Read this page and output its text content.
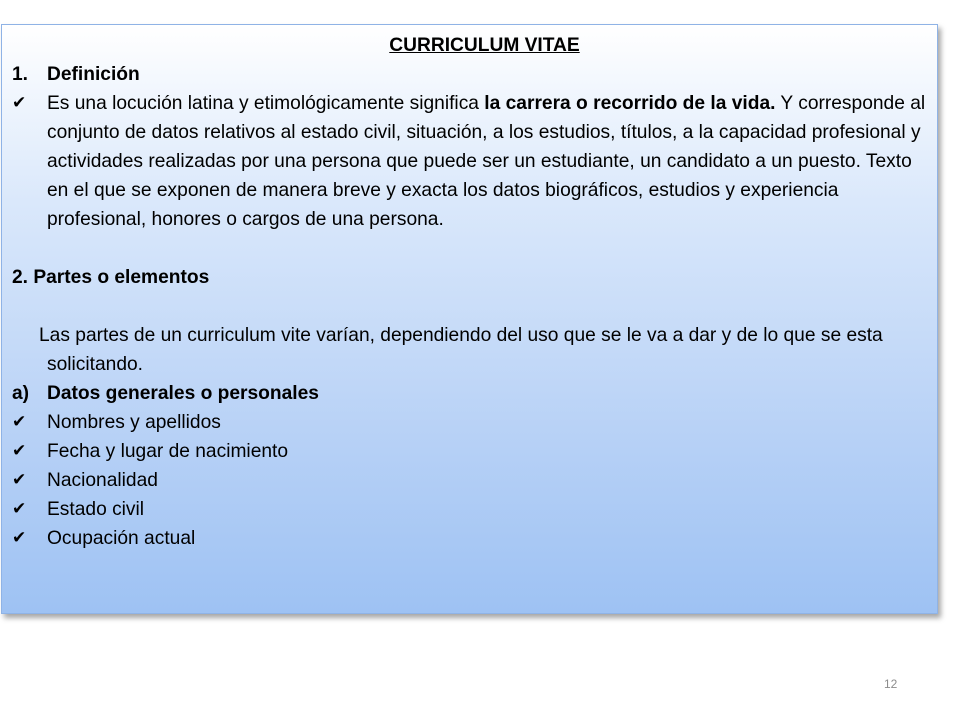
CURRICULUM VITAE
1. Definición
✔	Es una locución latina y etimológicamente significa la carrera o recorrido de la vida. Y corresponde al conjunto de datos relativos al estado civil, situación, a los estudios, títulos, a la capacidad profesional y actividades realizadas por una persona que puede ser un estudiante, un candidato a un puesto. Texto en el que se exponen de manera breve y exacta los datos biográficos, estudios y experiencia profesional, honores o cargos de una persona.
2. Partes o elementos
Las partes de un curriculum vite varían, dependiendo del uso que se le va a dar y de lo que se esta solicitando.
a) Datos generales o personales
✔	Nombres y apellidos
✔	Fecha y lugar de nacimiento
✔	Nacionalidad
✔	Estado civil
✔	Ocupación actual
12
